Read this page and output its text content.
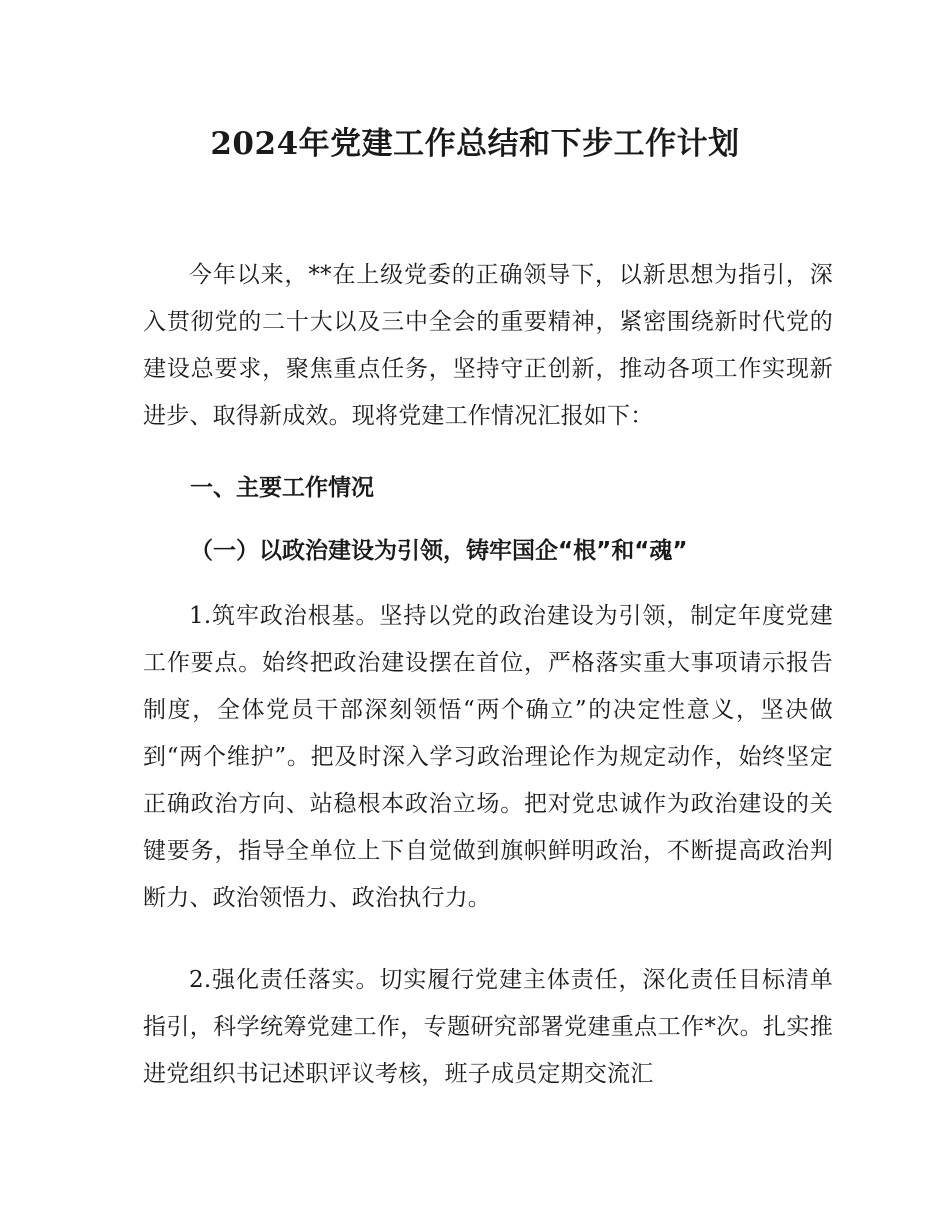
2024年党建工作总结和下步工作计划

今年以来，**在上级党委的正确领导下，以新思想为指引，深入贯彻党的二十大以及三中全会的重要精神，紧密围绕新时代党的建设总要求，聚焦重点任务，坚持守正创新，推动各项工作实现新进步、取得新成效。现将党建工作情况汇报如下：

一、主要工作情况
（一）以政治建设为引领，铸牢国企“根”和“魂”

1.筑牢政治根基。坚持以党的政治建设为引领，制定年度党建工作要点。始终把政治建设摆在首位，严格落实重大事项请示报告制度，全体党员干部深刻领悟“两个确立”的决定性意义，坚决做到“两个维护”。把及时深入学习政治理论作为规定动作，始终坚定正确政治方向、站稳根本政治立场。把对党忠诚作为政治建设的关键要务，指导全单位上下自觉做到旗帜鲜明政治，不断提高政治判断力、政治领悟力、政治执行力。

2.强化责任落实。切实履行党建主体责任，深化责任目标清单指引，科学统筹党建工作，专题研究部署党建重点工作*次。扎实推进党组织书记述职评议考核，班子成员定期交流汇
